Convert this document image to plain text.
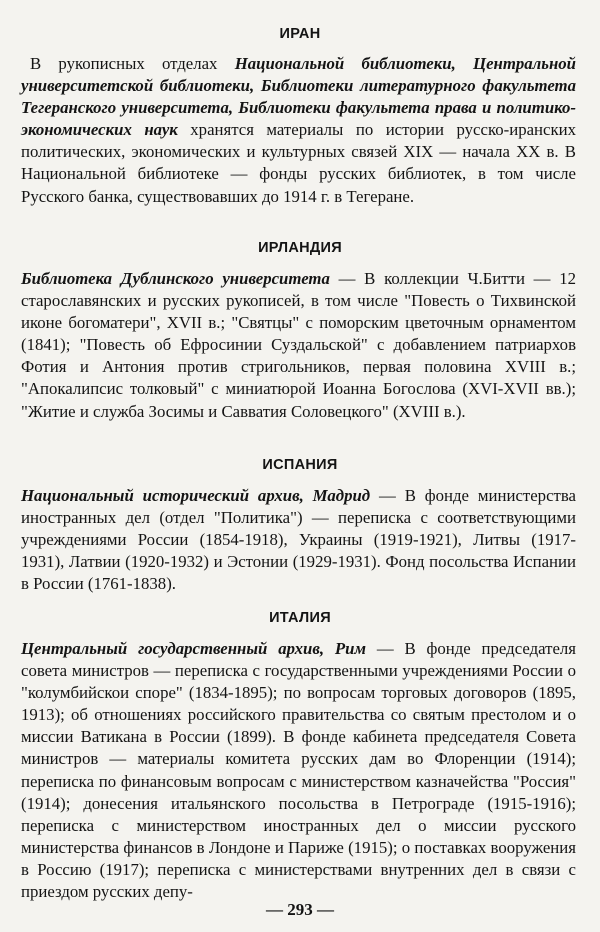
ИРАН

В рукописных отделах Национальной библиотеки, Центральной университетской библиотеки, Библиотеки литературного факультета Тегеранского университета, Библиотеки факультета права и политико-экономических наук хранятся материалы по истории русско-иранских политических, экономических и культурных связей XIX — начала XX в. В Национальной библиотеке — фонды русских библиотек, в том числе Русского банка, существовавших до 1914 г. в Тегеране.

ИРЛАНДИЯ

Библиотека Дублинского университета — В коллекции Ч.Битти — 12 старославянских и русских рукописей, в том числе "Повесть о Тихвинской иконе богоматери", XVII в.; "Святцы" с поморским цветочным орнаментом (1841); "Повесть об Ефросинии Суздальской" с добавлением патриархов Фотия и Антония против стригольников, первая половина XVIII в.; "Апокалипсис толковый" с миниатюрой Иоанна Богослова (XVI-XVII вв.); "Житие и служба Зосимы и Савватия Соловецкого" (XVIII в.).

ИСПАНИЯ

Национальный исторический архив, Мадрид — В фонде министерства иностранных дел (отдел "Политика") — переписка с соответствующими учреждениями России (1854-1918), Украины (1919-1921), Литвы (1917-1931), Латвии (1920-1932) и Эстонии (1929-1931). Фонд посольства Испании в России (1761-1838).

ИТАЛИЯ

Центральный государственный архив, Рим — В фонде председателя совета министров — переписка с государственными учреждениями России о "колумбийскои споре" (1834-1895); по вопросам торговых договоров (1895, 1913); об отношениях российского правительства со святым престолом и о миссии Ватикана в России (1899). В фонде кабинета председателя Совета министров — материалы комитета русских дам во Флоренции (1914); переписка по финансовым вопросам с министерством казначейства "Россия" (1914); донесения итальянского посольства в Петрограде (1915-1916); переписка с министерством иностранных дел о миссии русского министерства финансов в Лондоне и Париже (1915); о поставках вооружения в Россию (1917); переписка с министерствами внутренних дел в связи с приездом русских депу-

— 293 —
